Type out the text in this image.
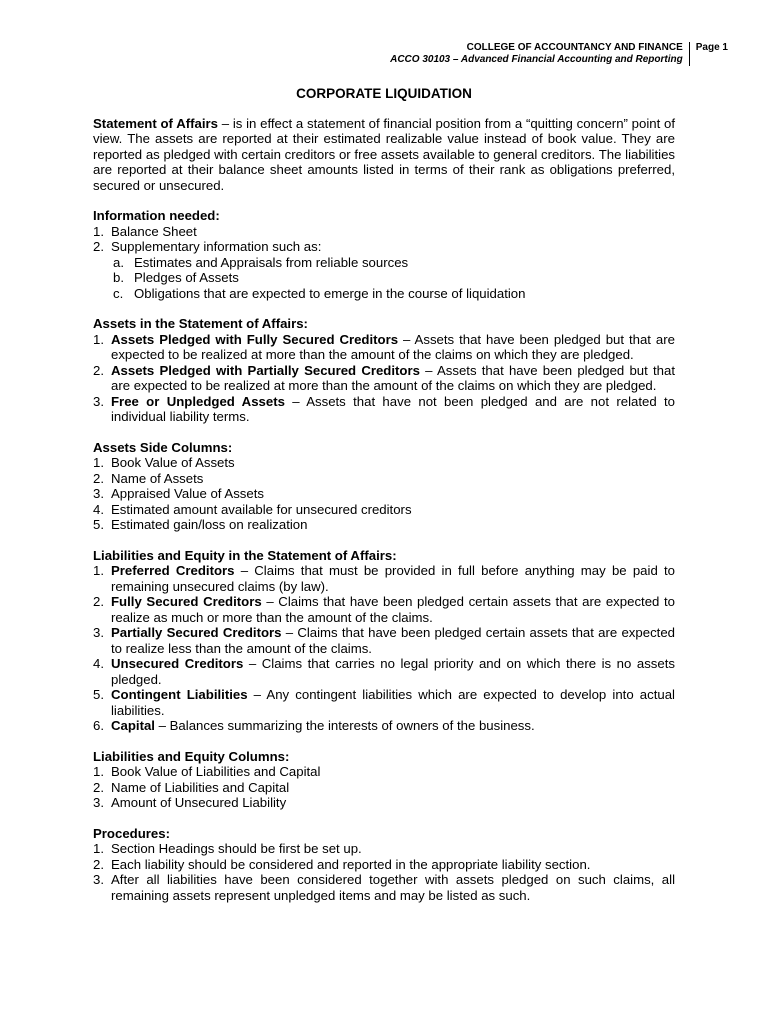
COLLEGE OF ACCOUNTANCY AND FINANCE
ACCO 30103 – Advanced Financial Accounting and Reporting
Page 1
CORPORATE LIQUIDATION

Statement of Affairs – is in effect a statement of financial position from a “quitting concern” point of view. The assets are reported at their estimated realizable value instead of book value. They are reported as pledged with certain creditors or free assets available to general creditors. The liabilities are reported at their balance sheet amounts listed in terms of their rank as obligations preferred, secured or unsecured.

Information needed:
1. Balance Sheet
2. Supplementary information such as:
a. Estimates and Appraisals from reliable sources
b. Pledges of Assets
c. Obligations that are expected to emerge in the course of liquidation
Assets in the Statement of Affairs:
1. Assets Pledged with Fully Secured Creditors – Assets that have been pledged but that are expected to be realized at more than the amount of the claims on which they are pledged.
2. Assets Pledged with Partially Secured Creditors – Assets that have been pledged but that are expected to be realized at more than the amount of the claims on which they are pledged.
3. Free or Unpledged Assets – Assets that have not been pledged and are not related to individual liability terms.
Assets Side Columns:
1. Book Value of Assets
2. Name of Assets
3. Appraised Value of Assets
4. Estimated amount available for unsecured creditors
5. Estimated gain/loss on realization
Liabilities and Equity in the Statement of Affairs:
1. Preferred Creditors – Claims that must be provided in full before anything may be paid to remaining unsecured claims (by law).
2. Fully Secured Creditors – Claims that have been pledged certain assets that are expected to realize as much or more than the amount of the claims.
3. Partially Secured Creditors – Claims that have been pledged certain assets that are expected to realize less than the amount of the claims.
4. Unsecured Creditors – Claims that carries no legal priority and on which there is no assets pledged.
5. Contingent Liabilities – Any contingent liabilities which are expected to develop into actual liabilities.
6. Capital – Balances summarizing the interests of owners of the business.
Liabilities and Equity Columns:
1. Book Value of Liabilities and Capital
2. Name of Liabilities and Capital
3. Amount of Unsecured Liability
Procedures:
1. Section Headings should be first be set up.
2. Each liability should be considered and reported in the appropriate liability section.
3. After all liabilities have been considered together with assets pledged on such claims, all remaining assets represent unpledged items and may be listed as such.
